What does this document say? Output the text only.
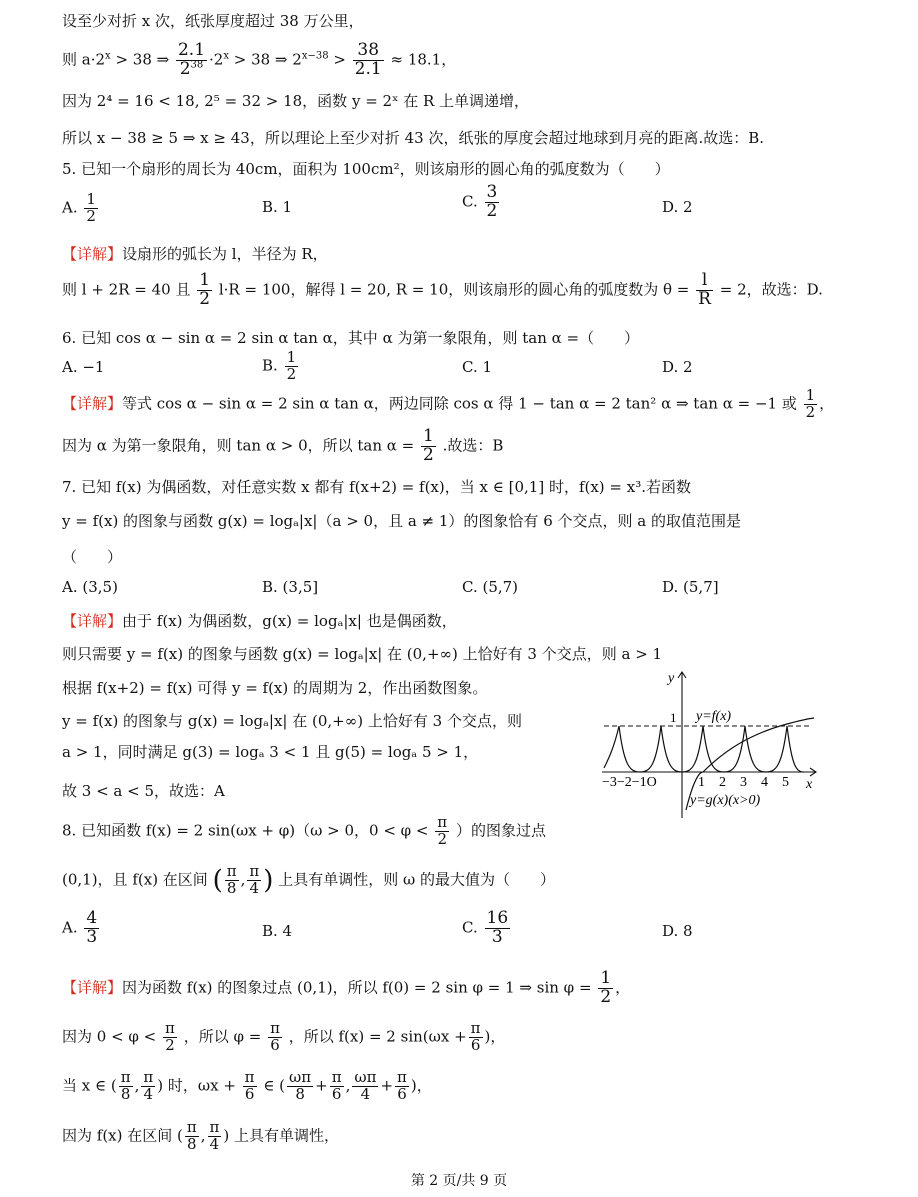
设至少对折 x 次，纸张厚度超过 38 万公里，
则 $a\cdot 2^x > 38$ ⇒ $\frac{2.1}{2^{38}} \cdot 2^x > 38$ ⇒ $2^{x-38} > \frac{38}{2.1} \approx 18.1$，
因为 2⁴ = 16 < 18, 2⁵ = 32 > 18，函数 y = 2ˣ 在 R 上单调递增，
所以 x − 38 ≥ 5 ⇒ x ≥ 43，所以理论上至少对折 43 次，纸张的厚度会超过地球到月亮的距离.故选：B.
5. 已知一个扇形的周长为 40cm，面积为 100cm²，则该扇形的圆心角的弧度数为（　　）
A. $\frac{1}{2}$	B. 1	C. $\frac{3}{2}$	D. 2
【详解】设扇形的弧长为 l，半径为 R，
则 l + 2R = 40 且 $\frac{1}{2} l\cdot R = 100$，解得 l = 20, R = 10，则该扇形的圆心角的弧度数为 $\theta = \frac{l}{R} = 2$，故选：D.
6. 已知 cos α − sin α = 2 sin α tan α，其中 α 为第一象限角，则 tan α =（　　）
A. −1	B. $\frac{1}{2}$	C. 1	D. 2
【详解】等式 cos α − sin α = 2 sin α tan α，两边同除 cos α 得 1 − tan α = 2 tan² α ⇒ tan α = −1 或 $\frac{1}{2}$ ，
因为 α 为第一象限角，则 tan α > 0，所以 $\tan \alpha = \frac{1}{2}$ .故选：B
7. 已知 f(x) 为偶函数，对任意实数 x 都有 f(x+2) = f(x)，当 x ∈ [0,1] 时，f(x) = x³.若函数
y = f(x) 的图象与函数 g(x) = logₐ|x|（a > 0，且 a ≠ 1）的图象恰有 6 个交点，则 a 的取值范围是
（　　）
A. (3,5)	B. (3,5]	C. (5,7)	D. (5,7]
【详解】由于 f(x) 为偶函数，g(x) = logₐ|x| 也是偶函数，
则只需要 y = f(x) 的图象与函数 g(x) = logₐ|x| 在 (0,+∞) 上恰好有 3 个交点，则 a > 1
根据 f(x+2) = f(x) 可得 y = f(x) 的周期为 2，作出函数图象。
y = f(x) 的图象与 g(x) = logₐ|x| 在 (0,+∞) 上恰好有 3 个交点，则
a > 1，同时满足 g(3) = logₐ 3 < 1 且 g(5) = logₐ 5 > 1，
故 3 < a < 5，故选：A
y
x
1 y=f(x)
y=g(x)(x>0)
−3−2−1O	1 2 3 4 5
8. 已知函数 f(x) = 2 sin(ωx + φ)（ω > 0，$0 < \varphi < \frac{\pi}{2}$ ）的图象过点
(0,1)，且 f(x) 在区间 ( $\frac{\pi}{8}$ , $\frac{\pi}{4}$ ) 上具有单调性，则 ω 的最大值为（　　）
A. $\frac{4}{3}$	B. 4	C. $\frac{16}{3}$	D. 8
【详解】因为函数 f(x) 的图象过点 (0,1)，所以 f(0) = 2 sin φ = 1 ⇒ $\sin \varphi = \frac{1}{2}$ ，
因为 $0 < \varphi < \frac{\pi}{2}$ ，所以 $\varphi = \frac{\pi}{6}$ ，所以 f(x) = 2 $\sin(\omega x + \frac{\pi}{6}$ )，
当 x ∈ ( $\frac{\pi}{8}$ , $\frac{\pi}{4}$ ) 时，$\omega x + \frac{\pi}{6}$ ∈ ( $\frac{\omega\pi}{8} + \frac{\pi}{6}$ , $\frac{\omega\pi}{4} + \frac{\pi}{6}$ )，
因为 f(x) 在区间 ( $\frac{\pi}{8}$ , $\frac{\pi}{4}$ ) 上具有单调性，
第 2 页/共 9 页
